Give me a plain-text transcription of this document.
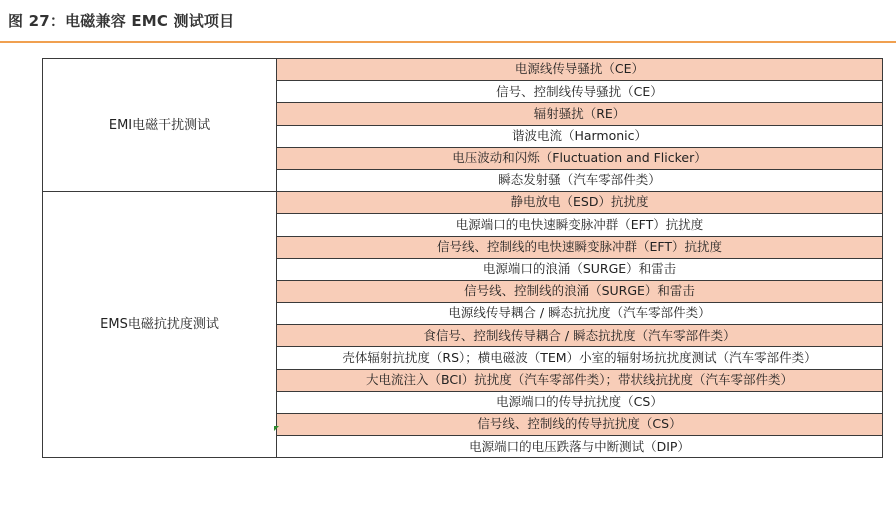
图 27：电磁兼容 EMC 测试项目
EMI电磁干扰测试	电源线传导骚扰（CE）
	信号、控制线传导骚扰（CE）
	辐射骚扰（RE）
	谐波电流（Harmonic）
	电压波动和闪烁（Fluctuation and Flicker）
	瞬态发射骚（汽车零部件类）
EMS电磁抗扰度测试	静电放电（ESD）抗扰度
	电源端口的电快速瞬变脉冲群（EFT）抗扰度
	信号线、控制线的电快速瞬变脉冲群（EFT）抗扰度
	电源端口的浪涌（SURGE）和雷击
	信号线、控制线的浪涌（SURGE）和雷击
	电源线传导耦合 / 瞬态抗扰度（汽车零部件类）
	食信号、控制线传导耦合 / 瞬态抗扰度（汽车零部件类）
	壳体辐射抗扰度（RS）；横电磁波（TEM）小室的辐射场抗扰度测试（汽车零部件类）
	大电流注入（BCI）抗扰度（汽车零部件类）；带状线抗扰度（汽车零部件类）
	电源端口的传导抗扰度（CS）
	信号线、控制线的传导抗扰度（CS）
	电源端口的电压跌落与中断测试（DIP）
